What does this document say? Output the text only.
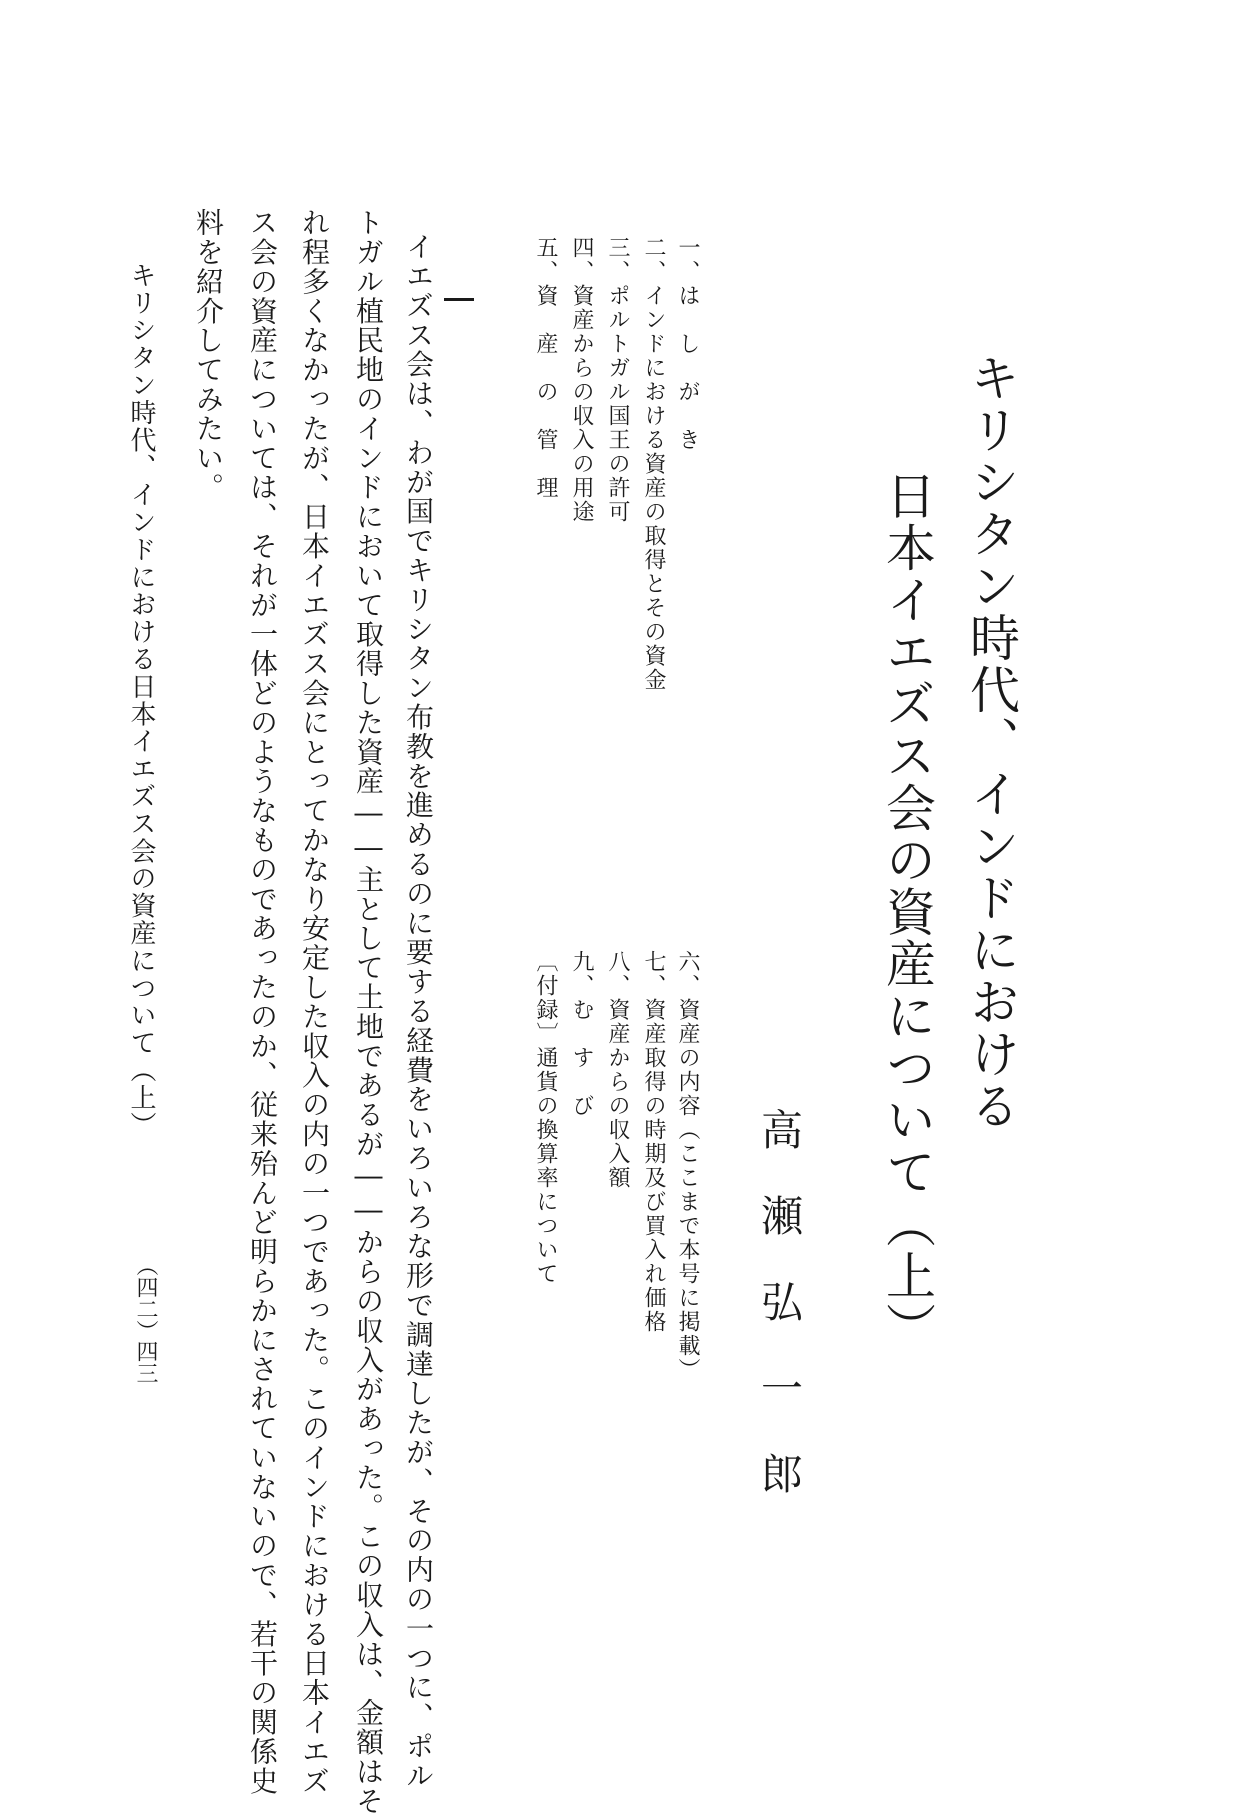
キリシタン時代、インドにおける
日本イエズス会の資産について（上）
高瀬弘一郎
一、は　し　が　き
二、インドにおける資産の取得とその資金
三、ポルトガル国王の許可
四、資産からの収入の用途
五、資　産　の　管　理
六、資産の内容（ここまで本号に掲載）
七、資産取得の時期及び買入れ価格
八、資産からの収入額
九、む　す　び
〔付録〕通貨の換算率について
イエズス会は、わが国でキリシタン布教を進めるのに要する経費をいろいろな形で調達したが、その内の一つに、ポル
トガル植民地のインドにおいて取得した資産――主として土地であるが――からの収入があった。この収入は、金額はそ
れ程多くなかったが、日本イエズス会にとってかなり安定した収入の内の一つであった。このインドにおける日本イエズ
ス会の資産については、それが一体どのようなものであったのか、従来殆んど明らかにされていないので、若干の関係史
料を紹介してみたい。
キリシタン時代、インドにおける日本イエズス会の資産について（上）
（四二）
四三
